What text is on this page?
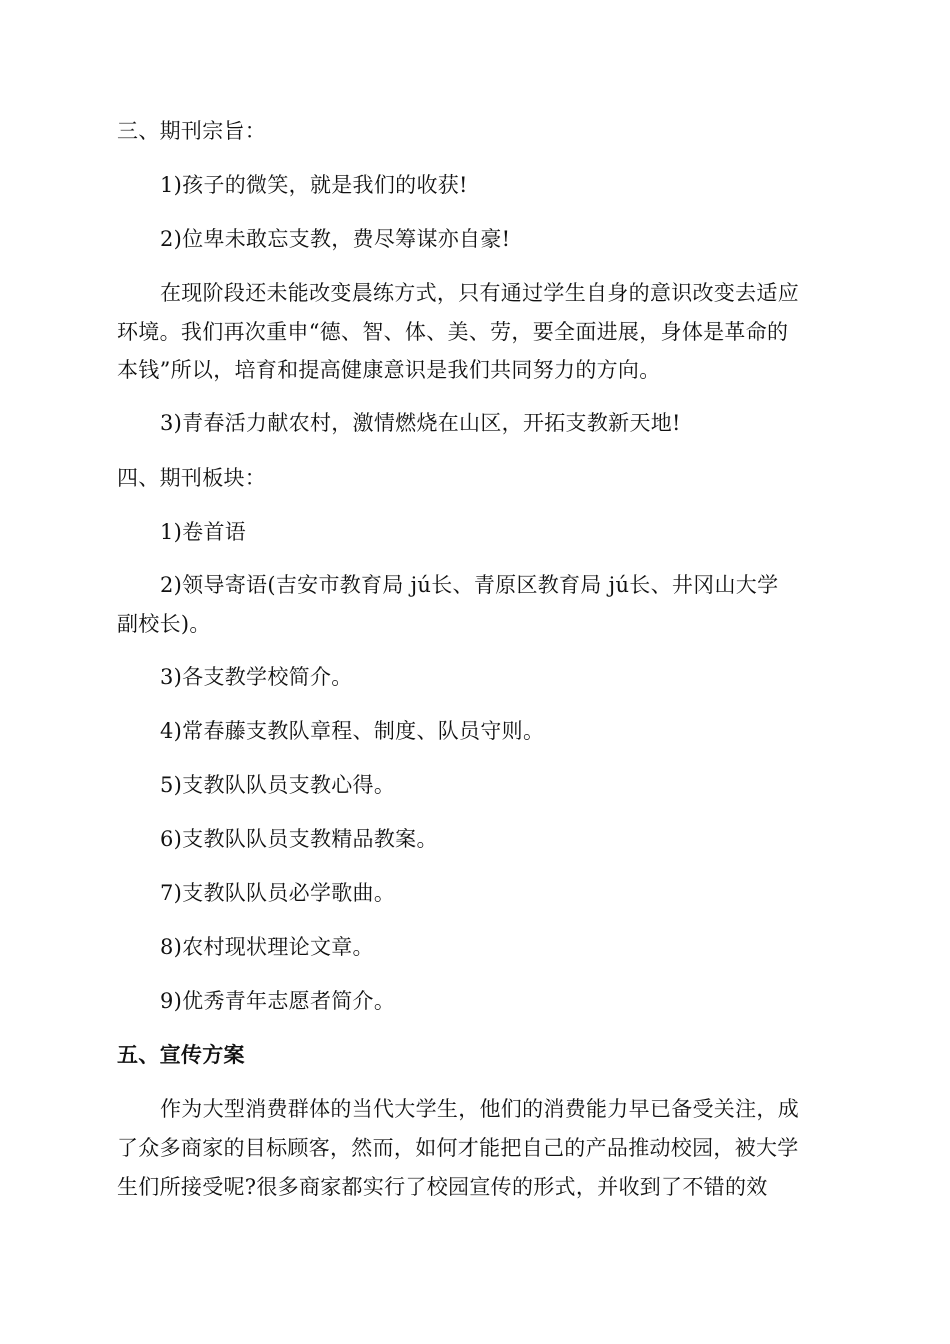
三、期刊宗旨：
1)孩子的微笑，就是我们的收获!
2)位卑未敢忘支教，费尽筹谋亦自豪!
在现阶段还未能改变晨练方式，只有通过学生自身的意识改变去适应
环境。我们再次重申“德、智、体、美、劳，要全面进展，身体是革命的
本钱”所以，培育和提高健康意识是我们共同努力的方向。
3)青春活力献农村，激情燃烧在山区，开拓支教新天地!
四、期刊板块：
1)卷首语
2)领导寄语(吉安市教育局 jú长、青原区教育局 jú长、井冈山大学
副校长)。
3)各支教学校简介。
4)常春藤支教队章程、制度、队员守则。
5)支教队队员支教心得。
6)支教队队员支教精品教案。
7)支教队队员必学歌曲。
8)农村现状理论文章。
9)优秀青年志愿者简介。
五、宣传方案
作为大型消费群体的当代大学生，他们的消费能力早已备受关注，成
了众多商家的目标顾客，然而，如何才能把自己的产品推动校园，被大学
生们所接受呢?很多商家都实行了校园宣传的形式，并收到了不错的效
